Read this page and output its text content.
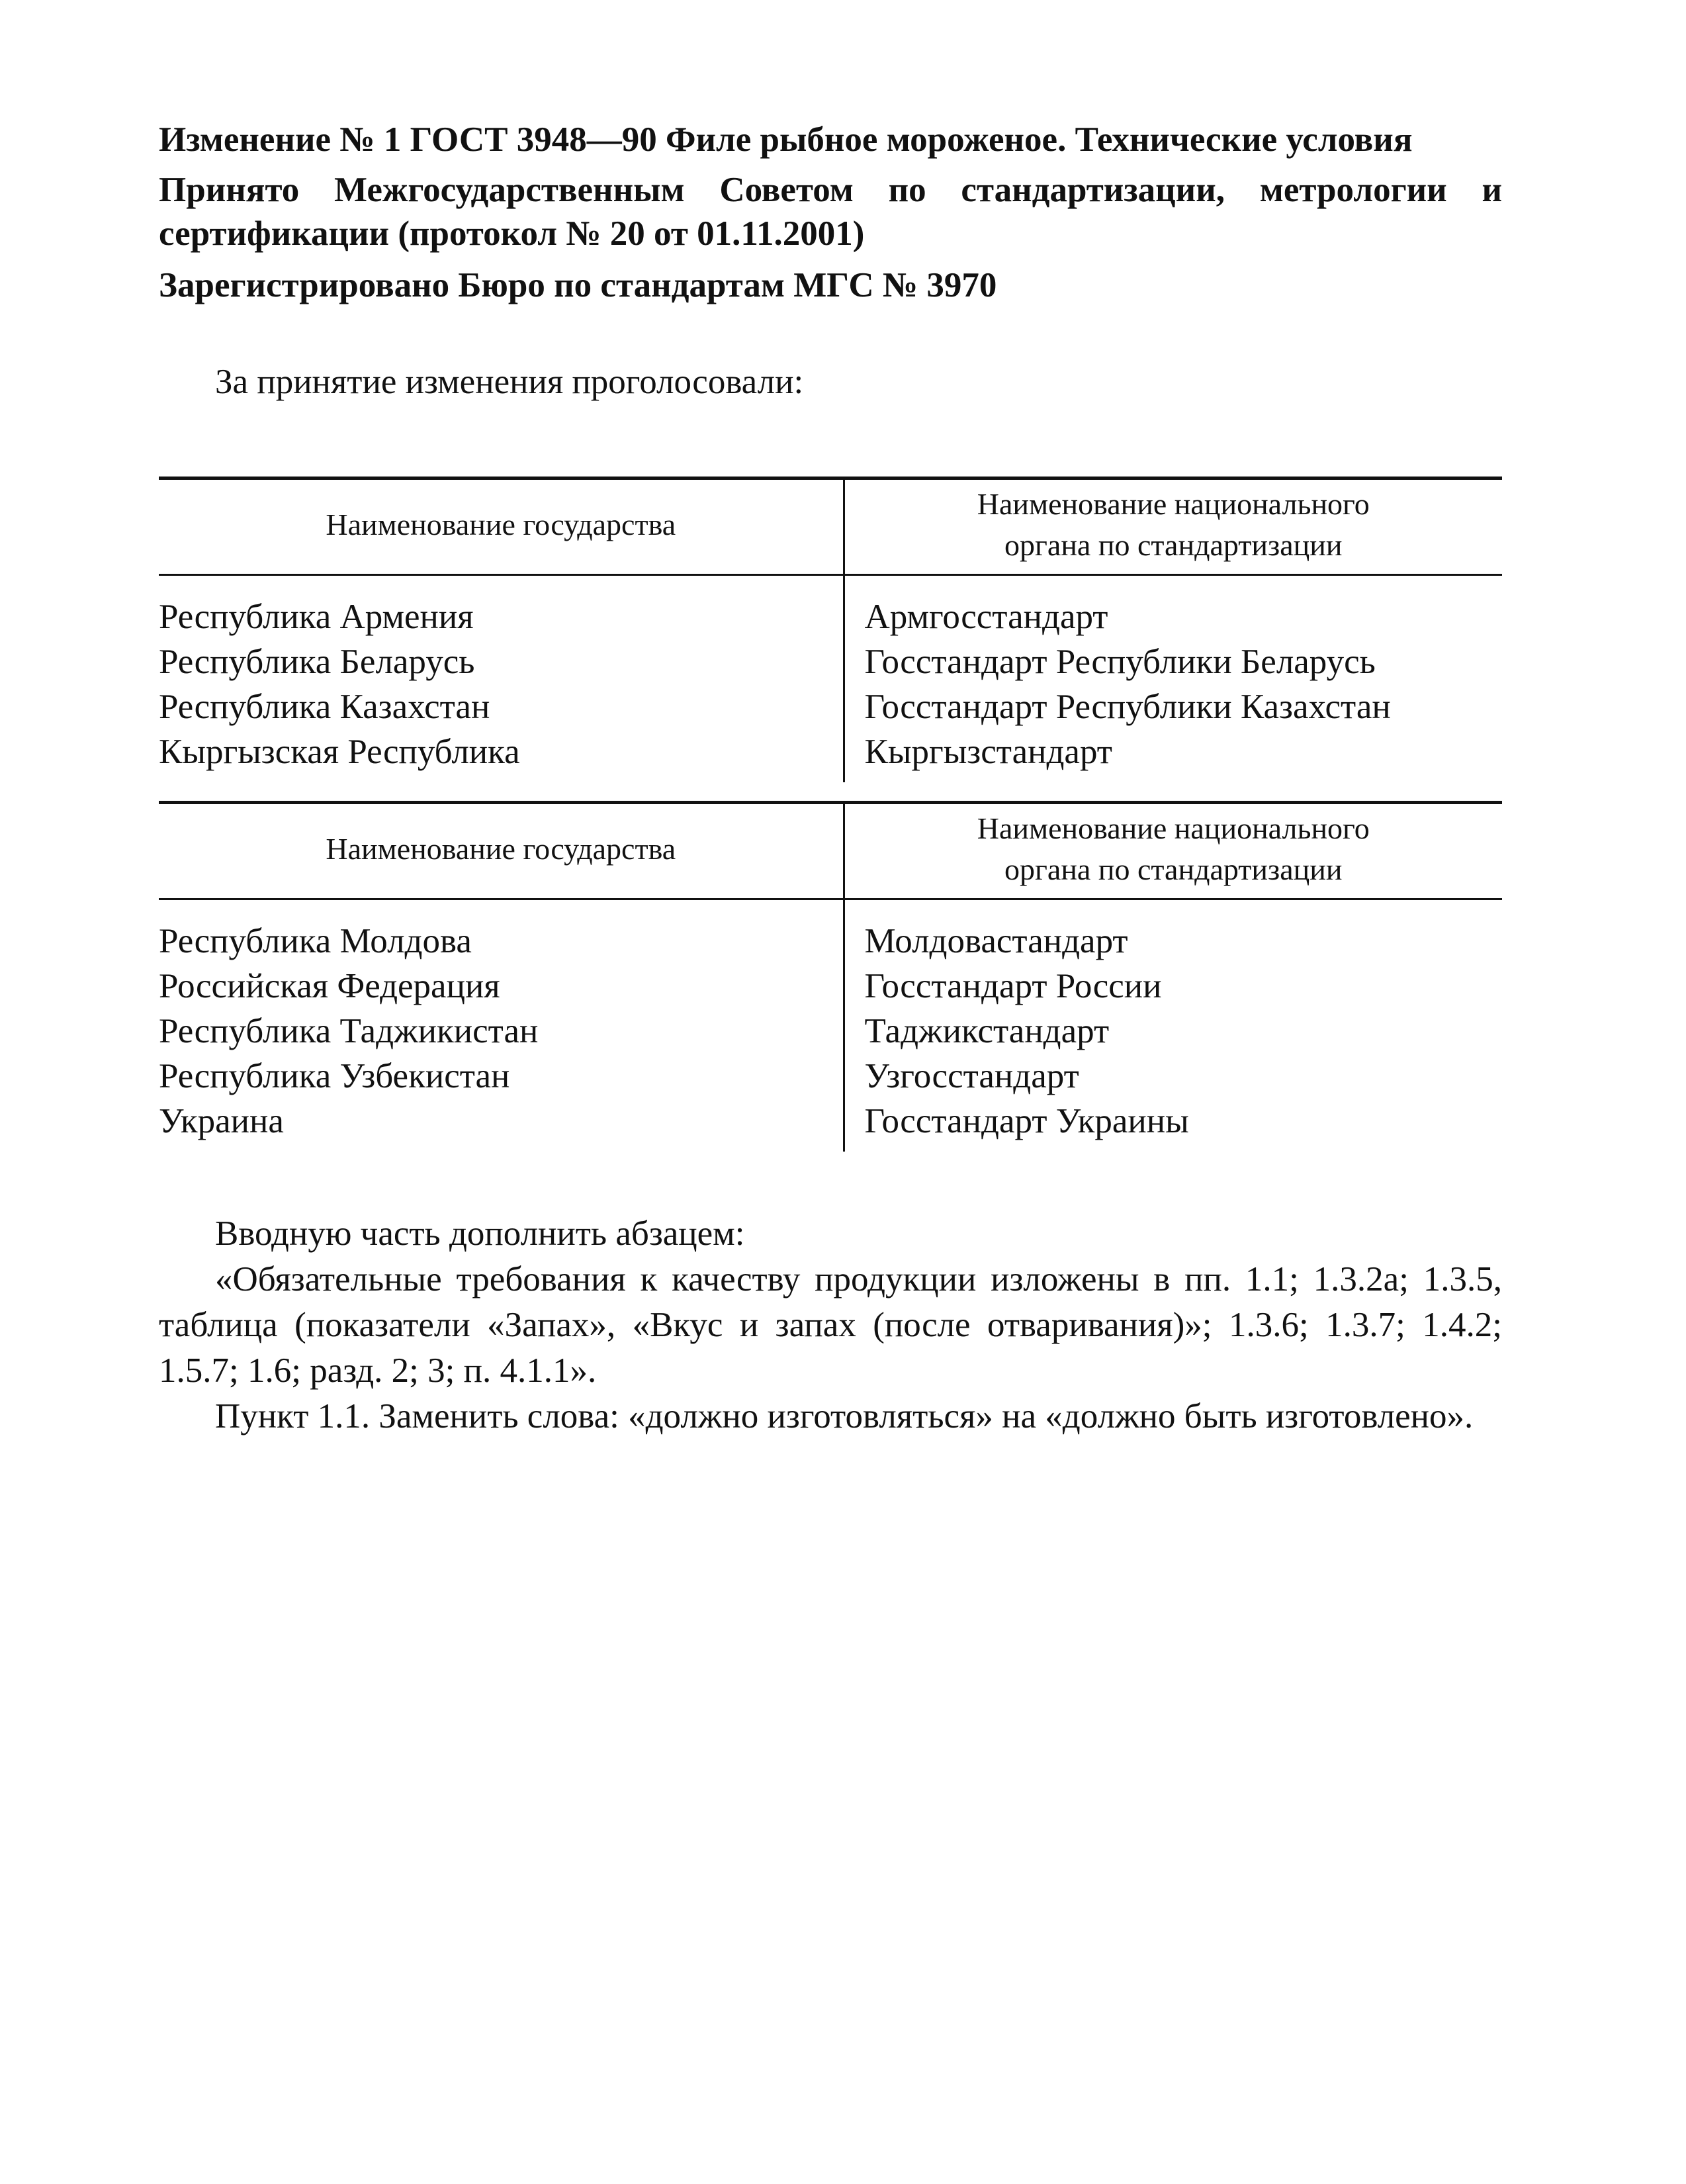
Изменение № 1 ГОСТ 3948—90 Филе рыбное мороженое. Технические условия

Принято Межгосударственным Советом по стандартизации, метрологии и сертификации (протокол № 20 от 01.11.2001)

Зарегистрировано Бюро по стандартам МГС № 3970

За принятие изменения проголосовали:

Наименование государства	Наименование национального
органа по стандартизации
Республика Армения	Армгосстандарт
Республика Беларусь	Госстандарт Республики Беларусь
Республика Казахстан	Госстандарт Республики Казахстан
Кыргызская Республика	Кыргызстандарт
Наименование государства	Наименование национального
органа по стандартизации
Республика Молдова	Молдовастандарт
Российская Федерация	Госстандарт России
Республика Таджикистан	Таджикстандарт
Республика Узбекистан	Узгосстандарт
Украина	Госстандарт Украины

Вводную часть дополнить абзацем:

«Обязательные требования к качеству продукции изложены в пп. 1.1; 1.3.2а; 1.3.5, таблица (показатели «Запах», «Вкус и запах (после отваривания)»; 1.3.6; 1.3.7; 1.4.2; 1.5.7; 1.6; разд. 2; 3; п. 4.1.1».

Пункт 1.1. Заменить слова: «должно изготовляться» на «должно быть изготовлено».
